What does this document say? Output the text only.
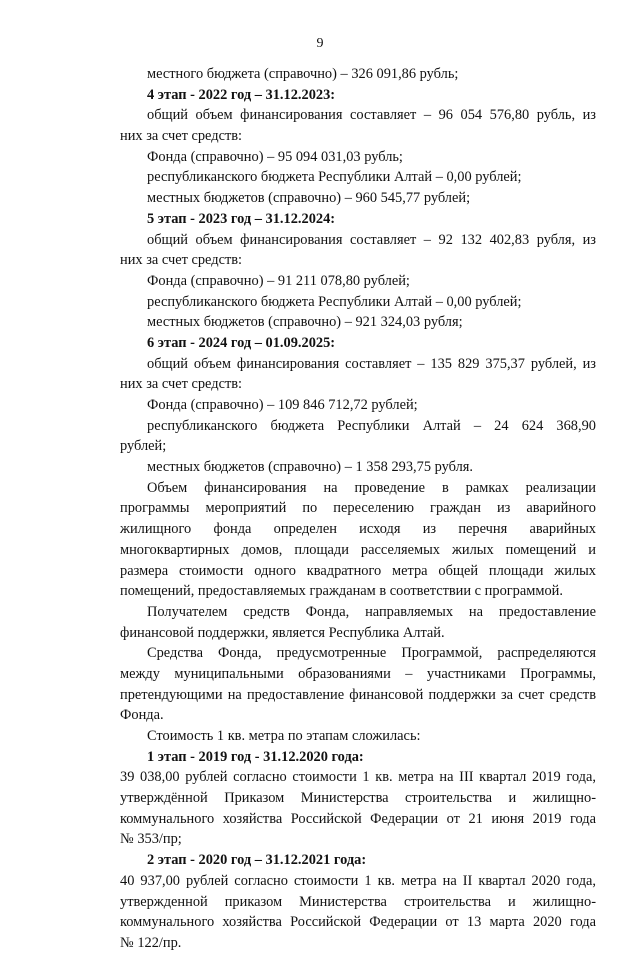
9
местного бюджета (справочно) – 326 091,86 рубль;
4 этап - 2022 год – 31.12.2023:
общий объем финансирования составляет – 96 054 576,80 рубль, из
них за счет средств:
Фонда (справочно) – 95 094 031,03 рубль;
республиканского бюджета Республики Алтай – 0,00 рублей;
местных бюджетов (справочно) – 960 545,77 рублей;
5 этап - 2023 год – 31.12.2024:
общий объем финансирования составляет – 92 132 402,83 рубля, из
них за счет средств:
Фонда (справочно) – 91 211 078,80 рублей;
республиканского бюджета Республики Алтай – 0,00 рублей;
местных бюджетов (справочно) – 921 324,03 рубля;
6 этап - 2024 год – 01.09.2025:
общий объем финансирования составляет – 135 829 375,37 рублей, из
них за счет средств:
Фонда (справочно) – 109 846 712,72 рублей;
республиканского бюджета Республики Алтай – 24 624 368,90
рублей;
местных бюджетов (справочно) – 1 358 293,75 рубля.
Объем финансирования на проведение в рамках реализации
программы мероприятий по переселению граждан из аварийного
жилищного фонда определен исходя из перечня аварийных
многоквартирных домов, площади расселяемых жилых помещений и
размера стоимости одного квадратного метра общей площади жилых
помещений, предоставляемых гражданам в соответствии с программой.
Получателем средств Фонда, направляемых на предоставление
финансовой поддержки, является Республика Алтай.
Средства Фонда, предусмотренные Программой, распределяются
между муниципальными образованиями – участниками Программы,
претендующими на предоставление финансовой поддержки за счет средств
Фонда.
Стоимость 1 кв. метра по этапам сложилась:
1 этап - 2019 год - 31.12.2020 года:
39 038,00 рублей согласно стоимости 1 кв. метра на III квартал 2019 года,
утверждённой Приказом Министерства строительства и жилищно-
коммунального хозяйства Российской Федерации от 21 июня 2019 года
№ 353/пр;
2 этап - 2020 год – 31.12.2021 года:
40 937,00 рублей согласно стоимости 1 кв. метра на II квартал 2020 года,
утвержденной приказом Министерства строительства и жилищно-
коммунального хозяйства Российской Федерации от 13 марта 2020 года
№ 122/пр.
